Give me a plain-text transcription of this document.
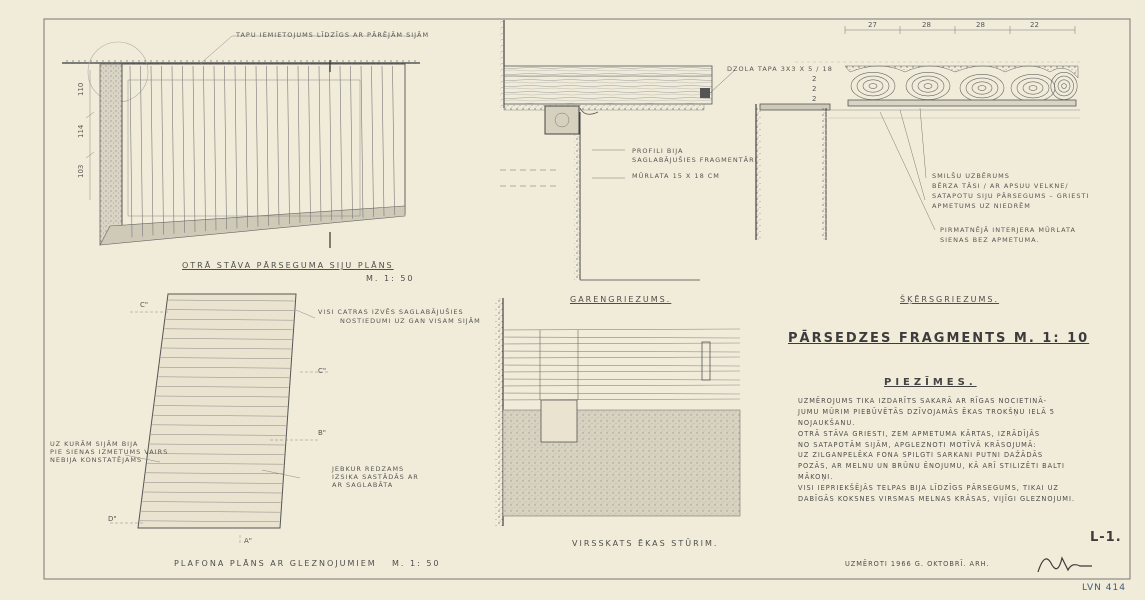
TAPU IEMIETOJUMS LĪDZĪGS AR PĀRĒJĀM SIJĀM
110
114
103
OTRĀ STĀVA PĀRSEGUMA SIJU PLĀNS
M. 1: 50
VISI CATRAS IZVĒS SAGLABĀJUŠIES
NOSTIEDUMI UZ GAN VISAM SIJĀM
UZ KURĀM SIJĀM BIJA
PIE SIENAS IZMETUMS VAIRS
NEBIJA KONSTATĒJAMS
JEBKUR REDZAMS
IZSIKA SASTĀDĀS AR
AR SAGLABĀTA
C"
C"
B"
D"
A"
PLAFONA PLĀNS AR GLEZNOJUMIEM M. 1: 50
DZOLA TAPA 3X3 X 5 / 18
PROFILI BIJA
SAGLABĀJUŠIES FRAGMENTĀRI
MŪRLATA 15 X 18 CM
GARENGRIEZUMS.
27	28	28	22
2
2
2
SMILŠU UZBĒRUMS
BĒRZA TĀSI / AR APSUU VELKNE/
SATAPOTU SIJU PĀRSEGUMS – GRIESTI
APMETUMS UZ NIEDRĒM
PIRMATNĒJĀ INTERJERA MŪRLATA
SIENAS BEZ APMETUMA.
ŠĶĒRSGRIEZUMS.
VIRSSKATS ĒKAS STŪRIM.
PĀRSEDZES FRAGMENTS M. 1: 10
PIEZĪMES.
UZMĒROJUMS TIKA IZDARĪTS SAKARĀ AR RĪGAS NOCIETINĀ-
JUMU MŪRIM PIEBŪVĒTĀS DZĪVOJAMĀS ĒKAS TROKŠŅU IELĀ 5
NOJAUKŠANU.
OTRĀ STĀVA GRIESTI, ZEM APMETUMA KĀRTAS, IZRĀDĪJĀS
NO SATAPOTĀM SIJĀM, APGLEZNOTI MOTĪVĀ KRĀSOJUMĀ:
UZ ZILGANPELĒKA FONA SPILGTI SARKANI PUTNI DAŽĀDĀS
POZĀS, AR MELNU UN BRŪNU ĒNOJUMU, KĀ ARĪ STILIZĒTI BALTI
MĀKOŅI.
VISI IEPRIEKŠĒJĀS TELPAS BIJA LĪDZĪGS PĀRSEGUMS, TIKAI UZ
DABĪGĀS KOKSNES VIRSMAS MELNAS KRĀSAS, VIJĪGI GLEZNOJUMI.
L-1.
UZMĒROTI 1966 G. OKTOBRĪ. ARH.
LVN 414
